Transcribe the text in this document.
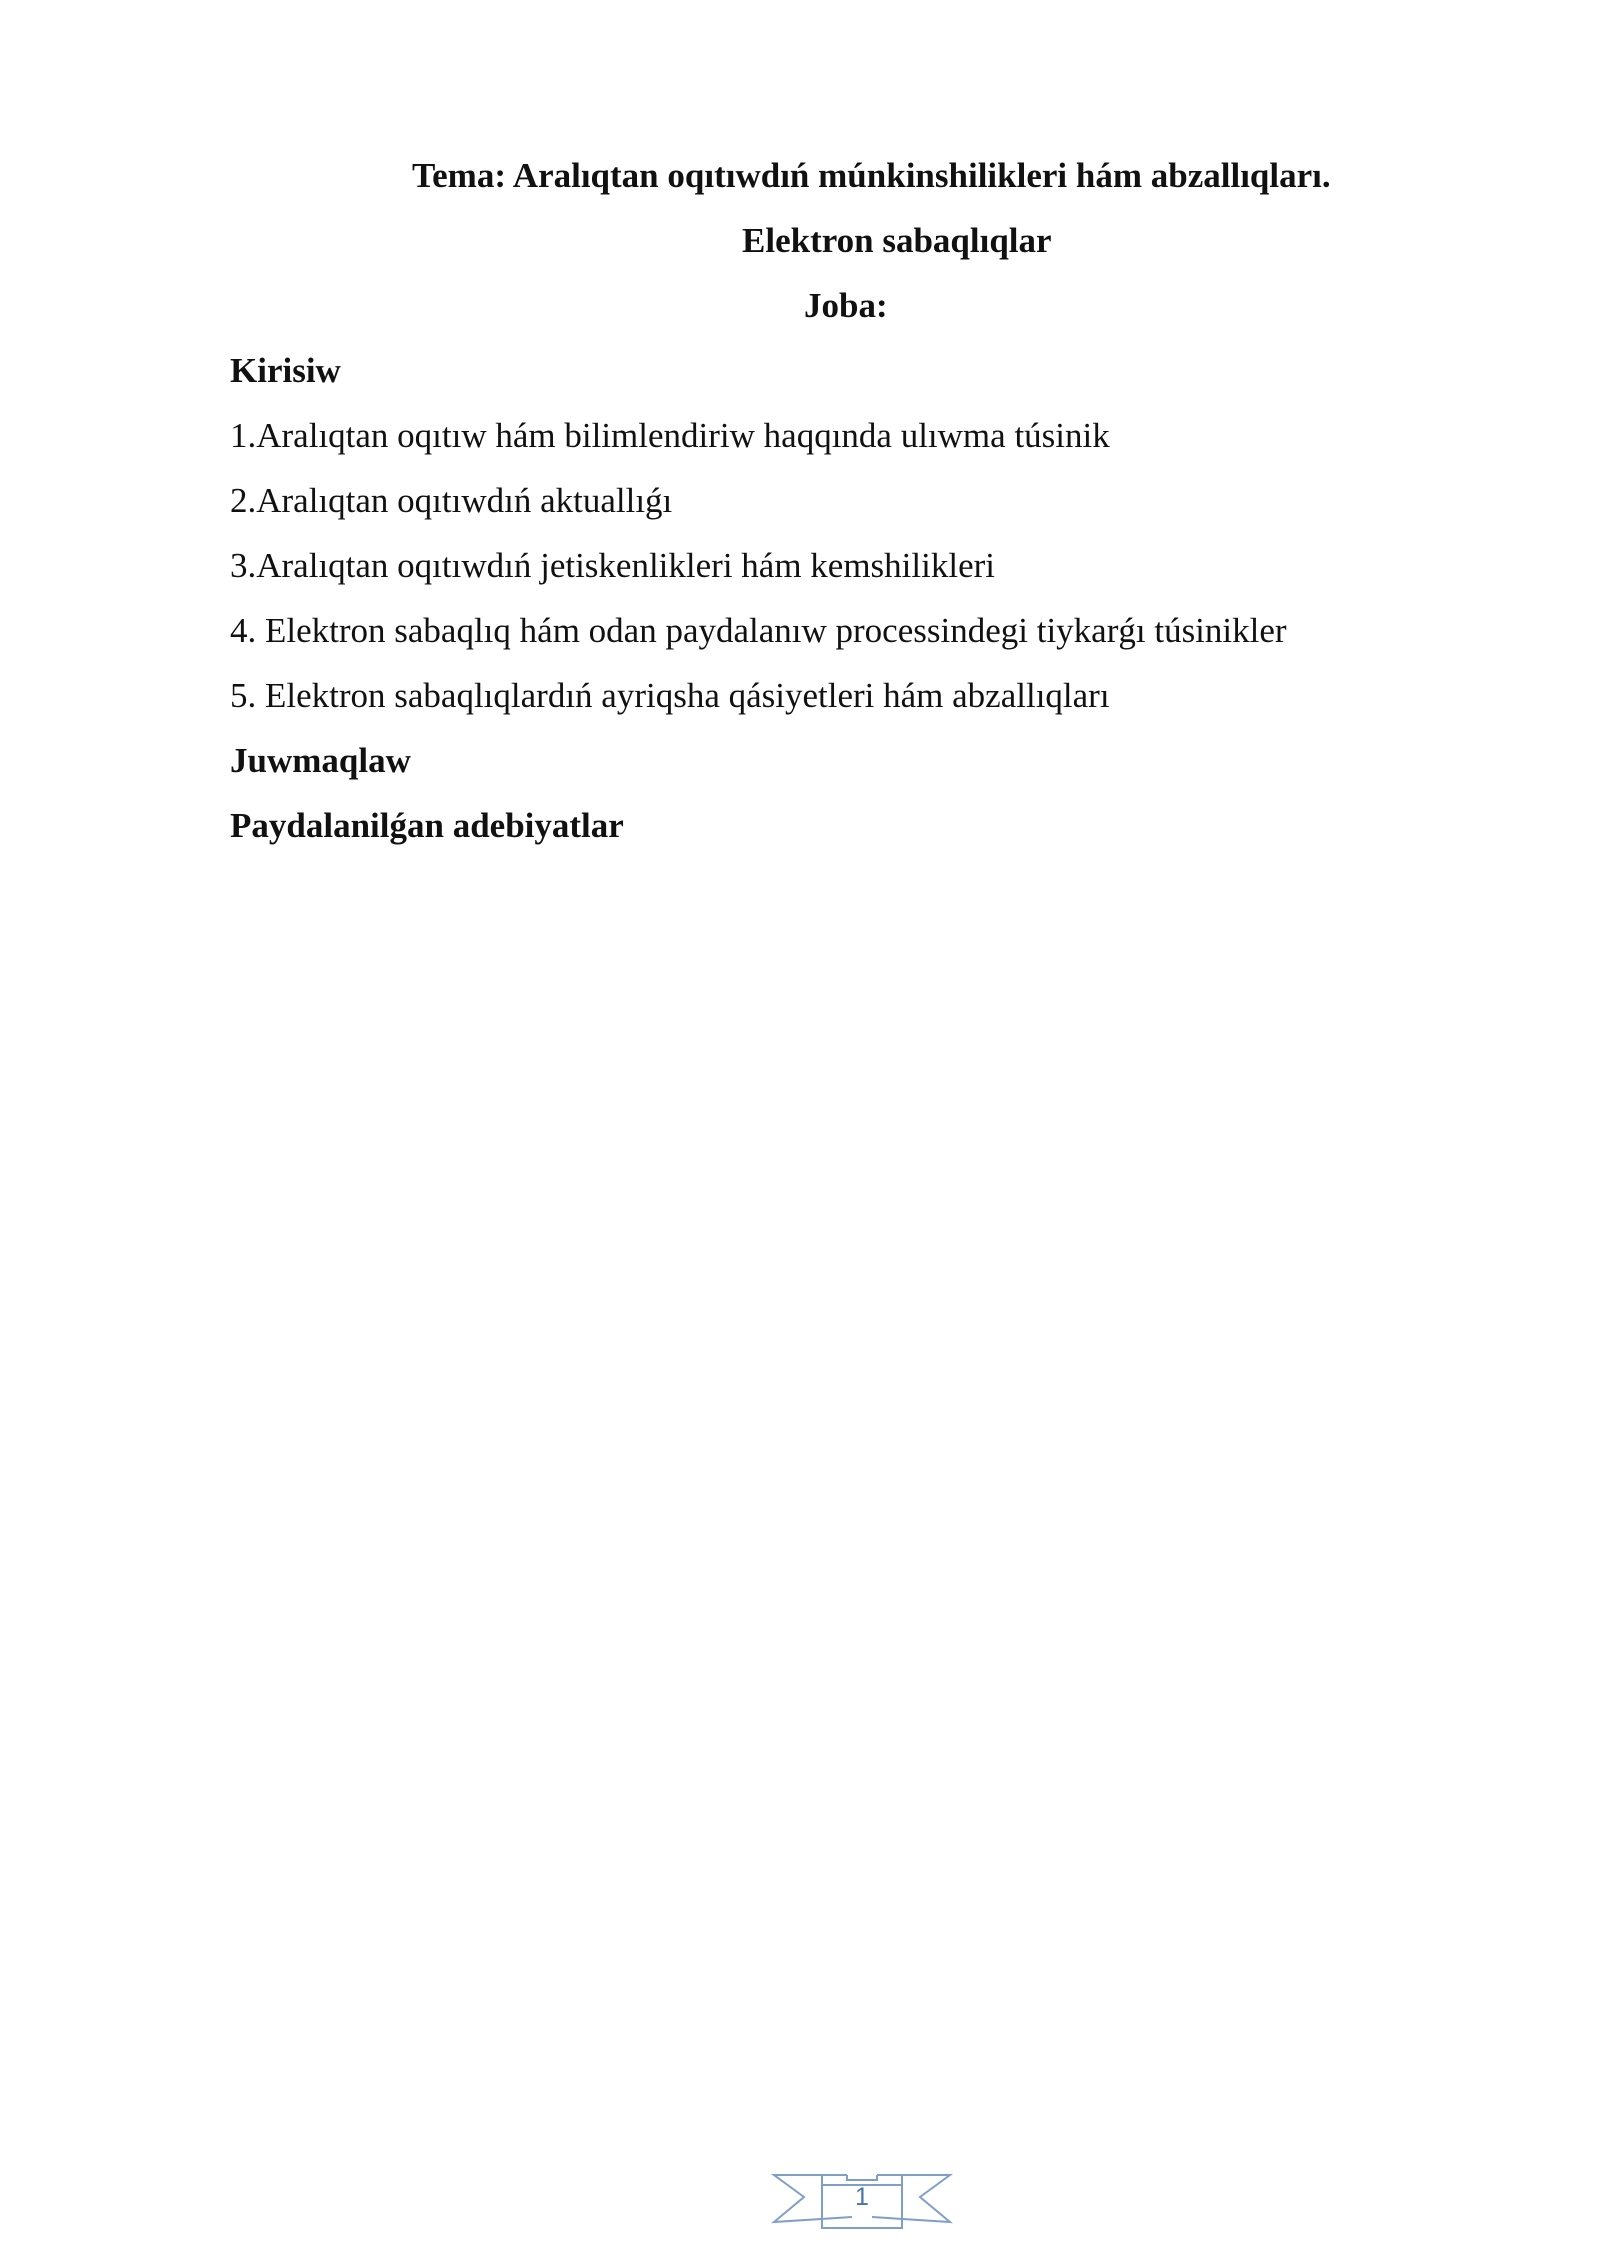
Tema: Aralıqtan oqıtıwdıń múnkinshilikleri hám abzallıqları.
Elektron sabaqlıqlar
Joba:
Kirisiw
1.Aralıqtan oqıtıw hám bilimlendiriw haqqında ulıwma túsinik
2.Aralıqtan oqıtıwdıń aktuallıǵı
3.Aralıqtan oqıtıwdıń jetiskenlikleri hám kemshilikleri
4. Elektron sabaqlıq hám odan paydalanıw processindegi tiykarǵı túsinikler
5. Elektron sabaqlıqlardıń ayriqsha qásiyetleri hám abzallıqları
Juwmaqlaw
Paydalanilǵan adebiyatlar
1
